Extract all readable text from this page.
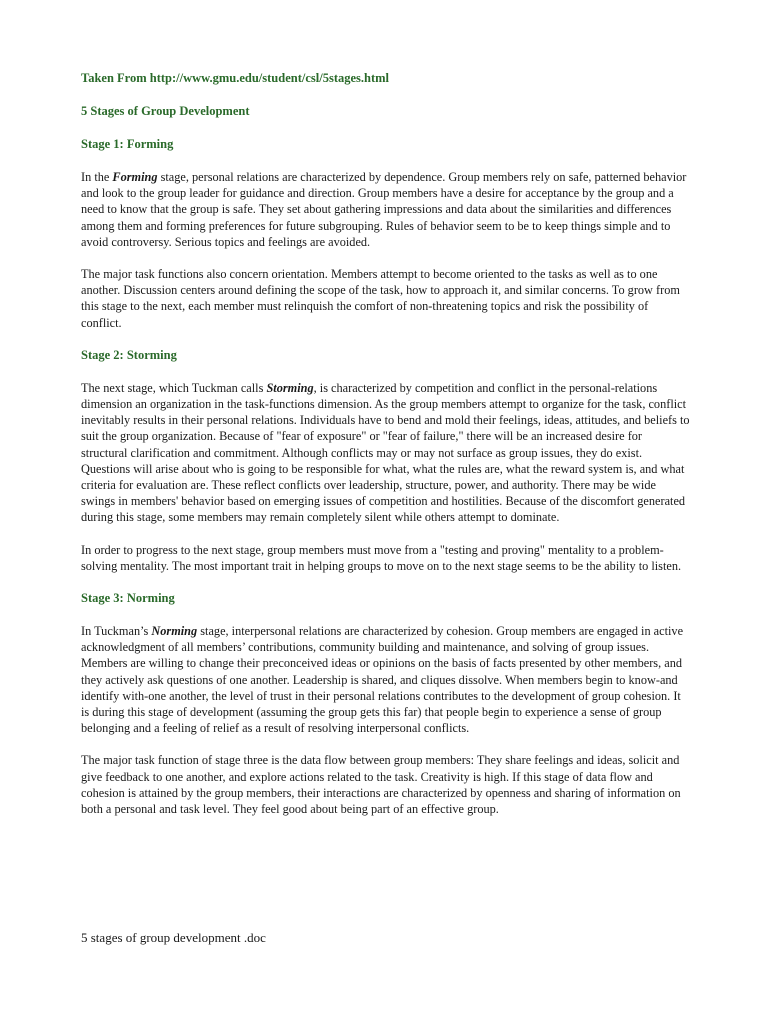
Taken From http://www.gmu.edu/student/csl/5stages.html

5 Stages of Group Development

Stage 1: Forming

In the Forming stage, personal relations are characterized by dependence. Group members rely on safe, patterned behavior and look to the group leader for guidance and direction. Group members have a desire for acceptance by the group and a need to know that the group is safe. They set about gathering impressions and data about the similarities and differences among them and forming preferences for future subgrouping. Rules of behavior seem to be to keep things simple and to avoid controversy. Serious topics and feelings are avoided.

The major task functions also concern orientation. Members attempt to become oriented to the tasks as well as to one another. Discussion centers around defining the scope of the task, how to approach it, and similar concerns. To grow from this stage to the next, each member must relinquish the comfort of non-threatening topics and risk the possibility of conflict.

Stage 2: Storming

The next stage, which Tuckman calls Storming, is characterized by competition and conflict in the personal-relations dimension an organization in the task-functions dimension. As the group members attempt to organize for the task, conflict inevitably results in their personal relations. Individuals have to bend and mold their feelings, ideas, attitudes, and beliefs to suit the group organization. Because of "fear of exposure" or "fear of failure," there will be an increased desire for structural clarification and commitment. Although conflicts may or may not surface as group issues, they do exist. Questions will arise about who is going to be responsible for what, what the rules are, what the reward system is, and what criteria for evaluation are. These reflect conflicts over leadership, structure, power, and authority. There may be wide swings in members' behavior based on emerging issues of competition and hostilities. Because of the discomfort generated during this stage, some members may remain completely silent while others attempt to dominate.

In order to progress to the next stage, group members must move from a "testing and proving" mentality to a problem-solving mentality. The most important trait in helping groups to move on to the next stage seems to be the ability to listen.

Stage 3: Norming

In Tuckman’s Norming stage, interpersonal relations are characterized by cohesion. Group members are engaged in active acknowledgment of all members’ contributions, community building and maintenance, and solving of group issues. Members are willing to change their preconceived ideas or opinions on the basis of facts presented by other members, and they actively ask questions of one another. Leadership is shared, and cliques dissolve. When members begin to know-and identify with-one another, the level of trust in their personal relations contributes to the development of group cohesion. It is during this stage of development (assuming the group gets this far) that people begin to experience a sense of group belonging and a feeling of relief as a result of resolving interpersonal conflicts.

The major task function of stage three is the data flow between group members: They share feelings and ideas, solicit and give feedback to one another, and explore actions related to the task. Creativity is high. If this stage of data flow and cohesion is attained by the group members, their interactions are characterized by openness and sharing of information on both a personal and task level. They feel good about being part of an effective group.

5 stages of group development .doc
